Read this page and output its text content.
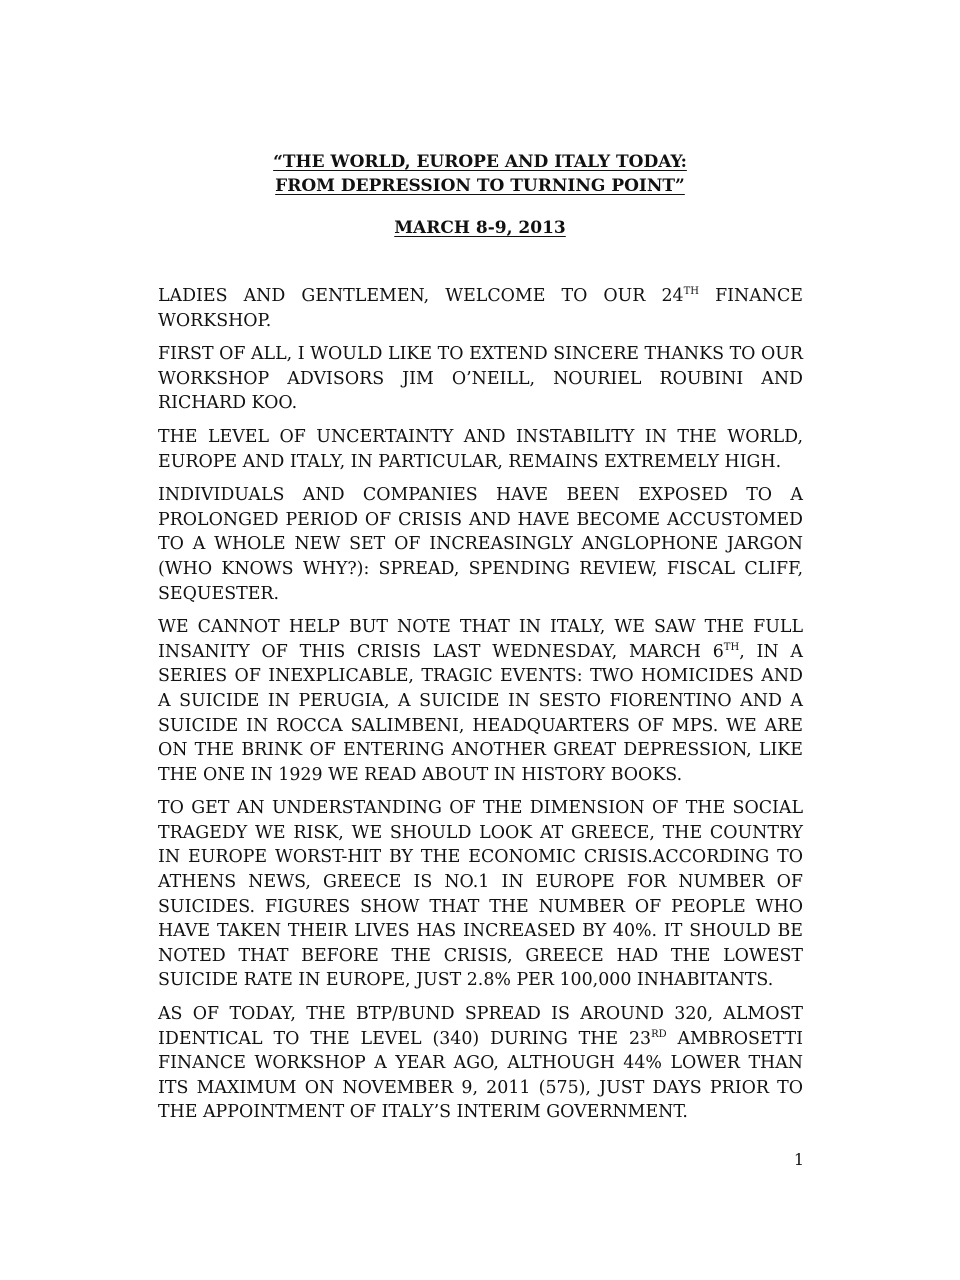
“THE WORLD, EUROPE AND ITALY TODAY:
FROM DEPRESSION TO TURNING POINT”
MARCH 8-9, 2013

LADIES AND GENTLEMEN, WELCOME TO OUR 24TH FINANCE WORKSHOP.

FIRST OF ALL, I WOULD LIKE TO EXTEND SINCERE THANKS TO OUR WORKSHOP ADVISORS JIM O’NEILL, NOURIEL ROUBINI AND RICHARD KOO.

THE LEVEL OF UNCERTAINTY AND INSTABILITY IN THE WORLD, EUROPE AND ITALY, IN PARTICULAR, REMAINS EXTREMELY HIGH.

INDIVIDUALS AND COMPANIES HAVE BEEN EXPOSED TO A PROLONGED PERIOD OF CRISIS AND HAVE BECOME ACCUSTOMED TO A WHOLE NEW SET OF INCREASINGLY ANGLOPHONE JARGON (WHO KNOWS WHY?): SPREAD, SPENDING REVIEW, FISCAL CLIFF, SEQUESTER.

WE CANNOT HELP BUT NOTE THAT IN ITALY, WE SAW THE FULL INSANITY OF THIS CRISIS LAST WEDNESDAY, MARCH 6TH, IN A SERIES OF INEXPLICABLE, TRAGIC EVENTS: TWO HOMICIDES AND A SUICIDE IN PERUGIA, A SUICIDE IN SESTO FIORENTINO AND A SUICIDE IN ROCCA SALIMBENI, HEADQUARTERS OF MPS. WE ARE ON THE BRINK OF ENTERING ANOTHER GREAT DEPRESSION, LIKE THE ONE IN 1929 WE READ ABOUT IN HISTORY BOOKS.

TO GET AN UNDERSTANDING OF THE DIMENSION OF THE SOCIAL TRAGEDY WE RISK, WE SHOULD LOOK AT GREECE, THE COUNTRY IN EUROPE WORST-HIT BY THE ECONOMIC CRISIS.ACCORDING TO ATHENS NEWS, GREECE IS NO.1 IN EUROPE FOR NUMBER OF SUICIDES. FIGURES SHOW THAT THE NUMBER OF PEOPLE WHO HAVE TAKEN THEIR LIVES HAS INCREASED BY 40%. IT SHOULD BE NOTED THAT BEFORE THE CRISIS, GREECE HAD THE LOWEST SUICIDE RATE IN EUROPE, JUST 2.8% PER 100,000 INHABITANTS.

AS OF TODAY, THE BTP/BUND SPREAD IS AROUND 320, ALMOST IDENTICAL TO THE LEVEL (340) DURING THE 23RD AMBROSETTI FINANCE WORKSHOP A YEAR AGO, ALTHOUGH 44% LOWER THAN ITS MAXIMUM ON NOVEMBER 9, 2011 (575), JUST DAYS PRIOR TO THE APPOINTMENT OF ITALY’S INTERIM GOVERNMENT.

1
